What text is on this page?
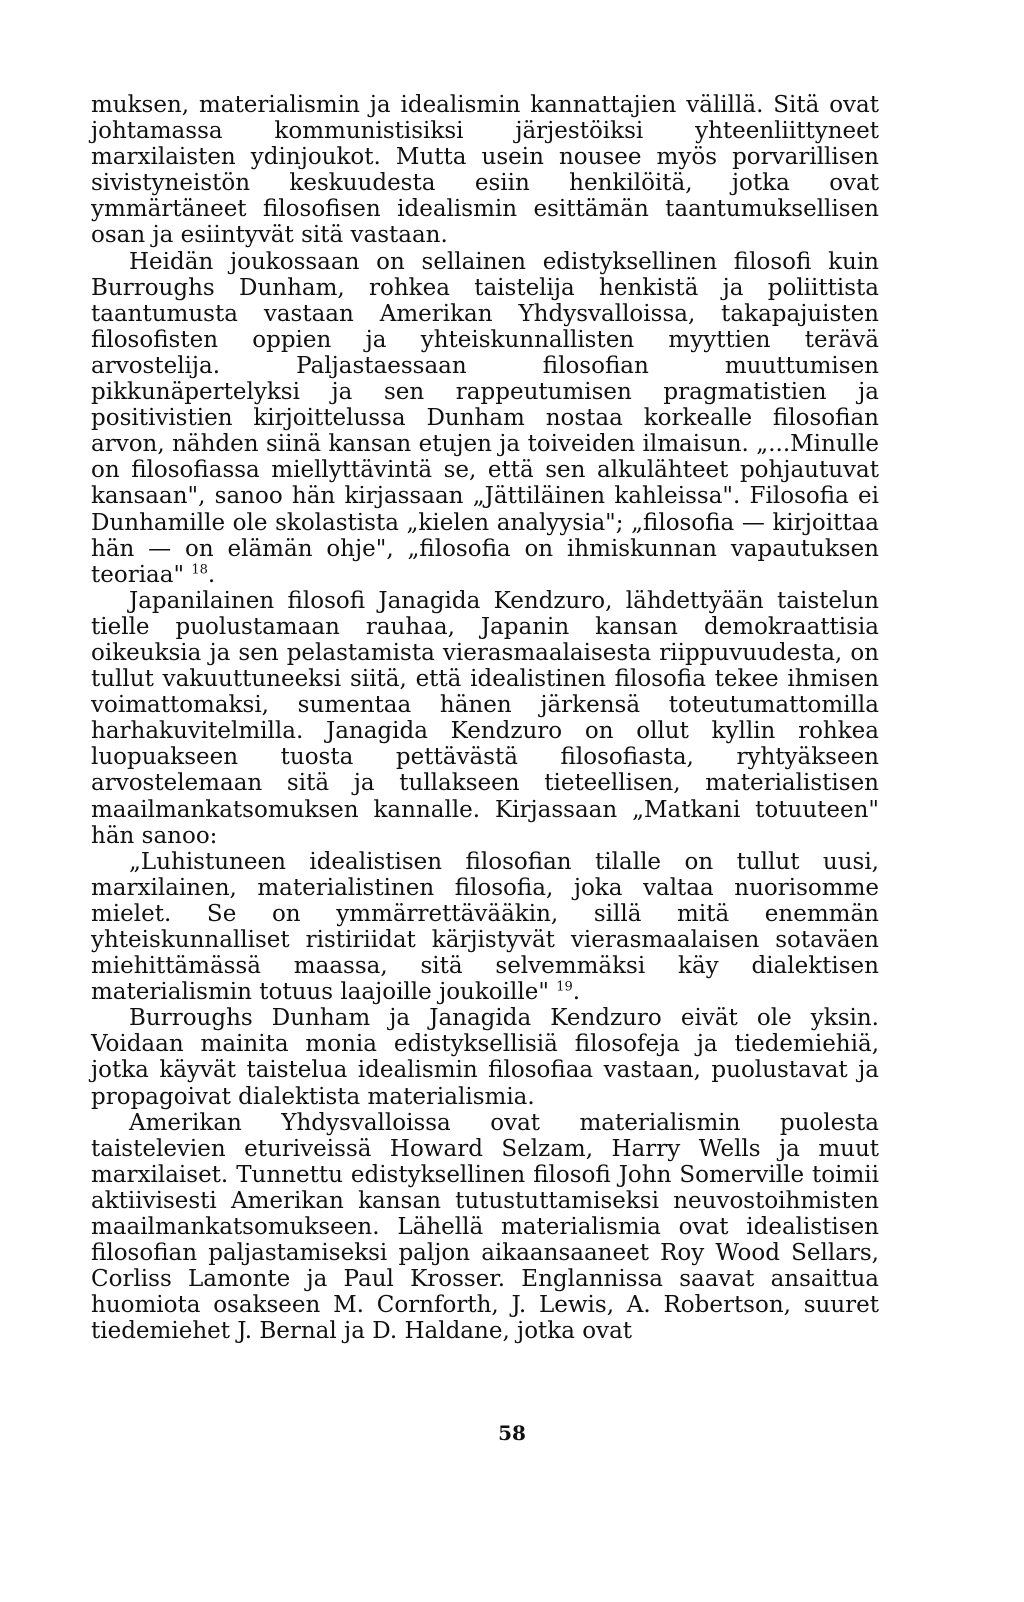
muksen, materialismin ja idealismin kannattajien välillä. Sitä ovat johtamassa kommunistisiksi järjestöiksi yhteenliittyneet marxilaisten ydinjoukot. Mutta usein nousee myös porvarillisen sivistyneistön keskuudesta esiin henkilöitä, jotka ovat ymmärtäneet filosofisen idealismin esittämän taantumuksellisen osan ja esiintyvät sitä vastaan.

Heidän joukossaan on sellainen edistyksellinen filosofi kuin Burroughs Dunham, rohkea taistelija henkistä ja poliittista taantumusta vastaan Amerikan Yhdysvalloissa, takapajuisten filosofisten oppien ja yhteiskunnallisten myyttien terävä arvostelija. Paljastaessaan filosofian muuttumisen pikkunäpertelyksi ja sen rappeutumisen pragmatistien ja positivistien kirjoittelussa Dunham nostaa korkealle filosofian arvon, nähden siinä kansan etujen ja toiveiden ilmaisun. „...Minulle on filosofiassa miellyttävintä se, että sen alkulähteet pohjautuvat kansaan", sanoo hän kirjassaan „Jättiläinen kahleissa". Filosofia ei Dunhamille ole skolastista „kielen analyysia"; „filosofia — kirjoittaa hän — on elämän ohje", „filosofia on ihmiskunnan vapautuksen teoriaa" $^{18}$.

Japanilainen filosofi Janagida Kendzuro, lähdettyään taistelun tielle puolustamaan rauhaa, Japanin kansan demokraattisia oikeuksia ja sen pelastamista vierasmaalaisesta riippuvuudesta, on tullut vakuuttuneeksi siitä, että idealistinen filosofia tekee ihmisen voimattomaksi, sumentaa hänen järkensä toteutumattomilla harhakuvitelmilla. Janagida Kendzuro on ollut kyllin rohkea luopuakseen tuosta pettävästä filosofiasta, ryhtyäkseen arvostelemaan sitä ja tullakseen tieteellisen, materialistisen maailmankatsomuksen kannalle. Kirjassaan „Matkani totuuteen" hän sanoo:

„Luhistuneen idealistisen filosofian tilalle on tullut uusi, marxilainen, materialistinen filosofia, joka valtaa nuorisomme mielet. Se on ymmärrettävääkin, sillä mitä enemmän yhteiskunnalliset ristiriidat kärjistyvät vierasmaalaisen sotaväen miehittämässä maassa, sitä selvemmäksi käy dialektisen materialismin totuus laajoille joukoille" $^{19}$.

Burroughs Dunham ja Janagida Kendzuro eivät ole yksin. Voidaan mainita monia edistyksellisiä filosofeja ja tiedemiehiä, jotka käyvät taistelua idealismin filosofiaa vastaan, puolustavat ja propagoivat dialektista materialismia.

Amerikan Yhdysvalloissa ovat materialismin puolesta taistelevien eturiveissä Howard Selzam, Harry Wells ja muut marxilaiset. Tunnettu edistyksellinen filosofi John Somerville toimii aktiivisesti Amerikan kansan tutustuttamiseksi neuvostoihmisten maailmankatsomukseen. Lähellä materialismia ovat idealistisen filosofian paljastamiseksi paljon aikaansaaneet Roy Wood Sellars, Corliss Lamonte ja Paul Krosser. Englannissa saavat ansaittua huomiota osakseen M. Cornforth, J. Lewis, A. Robertson, suuret tiedemiehet J. Bernal ja D. Haldane, jotka ovat

58
